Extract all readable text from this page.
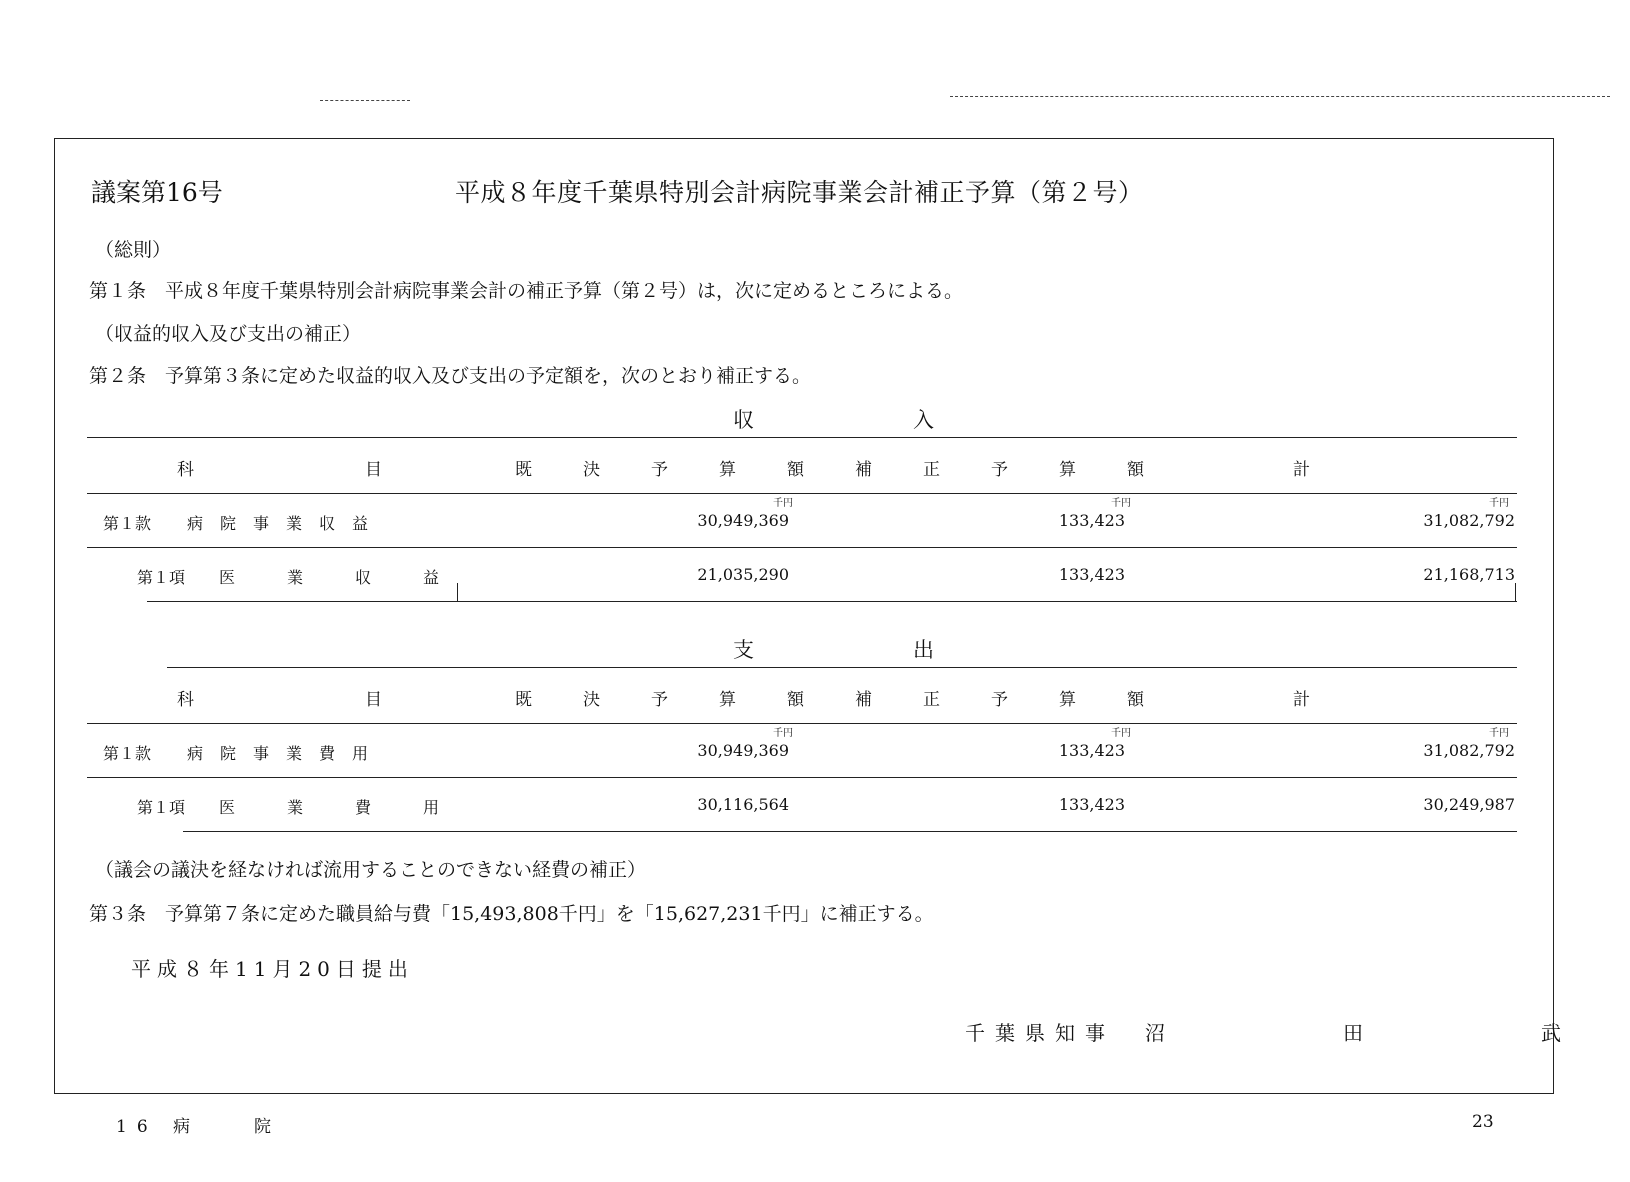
議案第16号	平成８年度千葉県特別会計病院事業会計補正予算（第２号）
（総則）
第１条　平成８年度千葉県特別会計病院事業会計の補正予算（第２号）は，次に定めるところによる。
（収益的収入及び支出の補正）
第２条　予算第３条に定めた収益的収入及び支出の予定額を，次のとおり補正する。
収　　　入
科	目	既　決　予　算　額 補　正　予　算　額	計
千円	千円	千円
第１款 病院事業収益	30,949,369	133,423	31,082,792
第１項 医業収益	21,035,290	133,423	21,168,713
支　　　出
科	目	既　決　予　算　額 補　正　予　算　額	計
千円	千円	千円
第１款 病院事業費用	30,949,369	133,423	31,082,792
第１項 医業費用	30,116,564	133,423	30,249,987
（議会の議決を経なければ流用することのできない経費の補正）
第３条　予算第７条に定めた職員給与費「15,493,808千円」を「15,627,231千円」に補正する。
平成８年11月20日提出
千葉県知事 沼　　田　　武
16 病　　院	23
